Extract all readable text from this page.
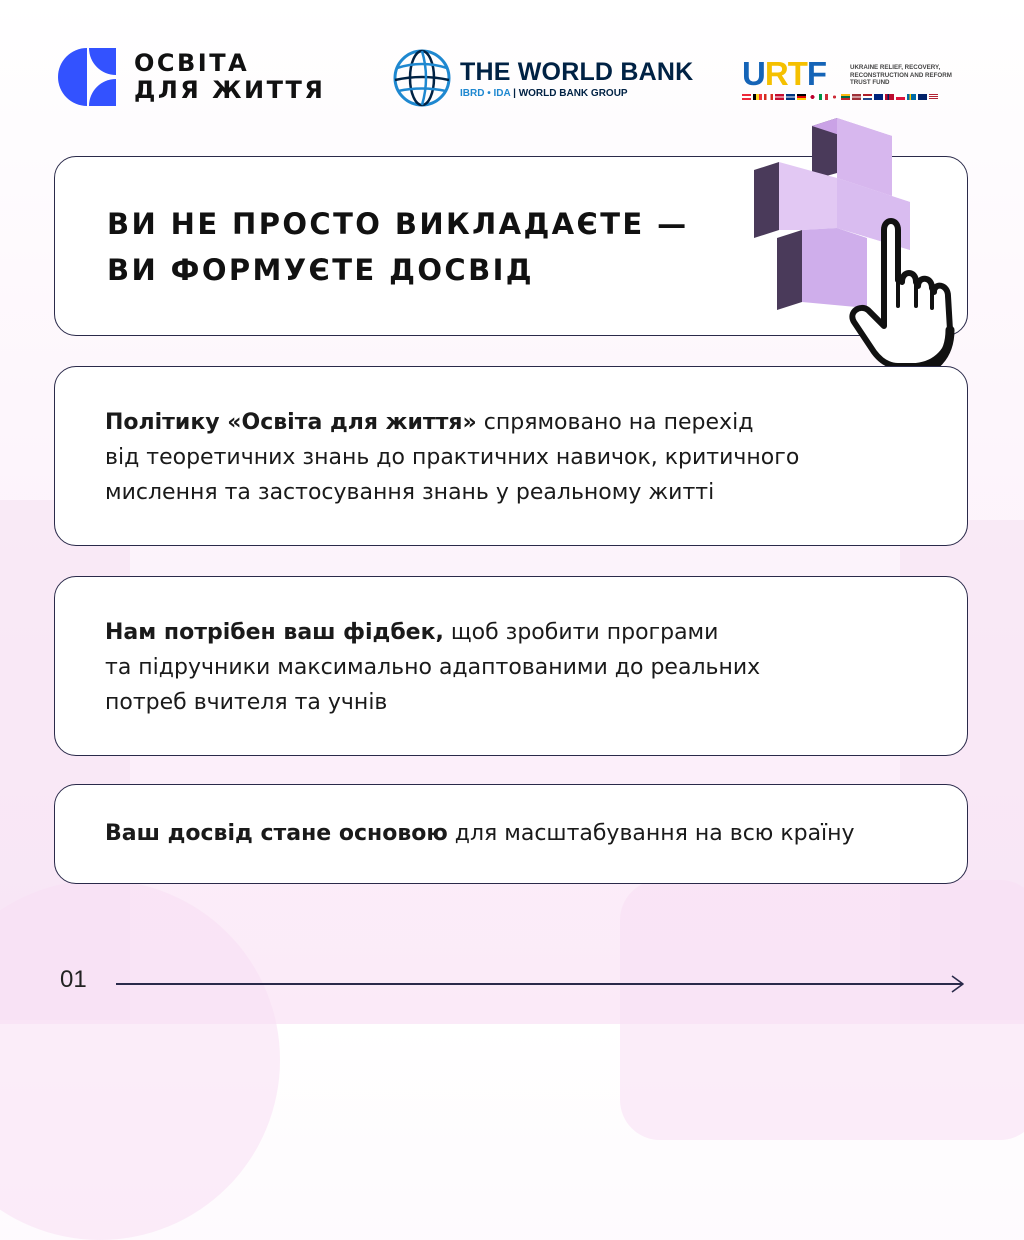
ОСВІТА
ДЛЯ ЖИТТЯ
THE WORLD BANK
IBRD • IDA | WORLD BANK GROUP
URTF	UKRAINE RELIEF, RECOVERY,
RECONSTRUCTION AND REFORM
TRUST FUND
ВИ НЕ ПРОСТО ВИКЛАДАЄТЕ —
ВИ ФОРМУЄТЕ ДОСВІД
Політику «Освіта для життя» спрямовано на перехід
від теоретичних знань до практичних навичок, критичного
мислення та застосування знань у реальному житті
Нам потрібен ваш фідбек, щоб зробити програми
та підручники максимально адаптованими до реальних
потреб вчителя та учнів
Ваш досвід стане основою для масштабування на всю країну
01
